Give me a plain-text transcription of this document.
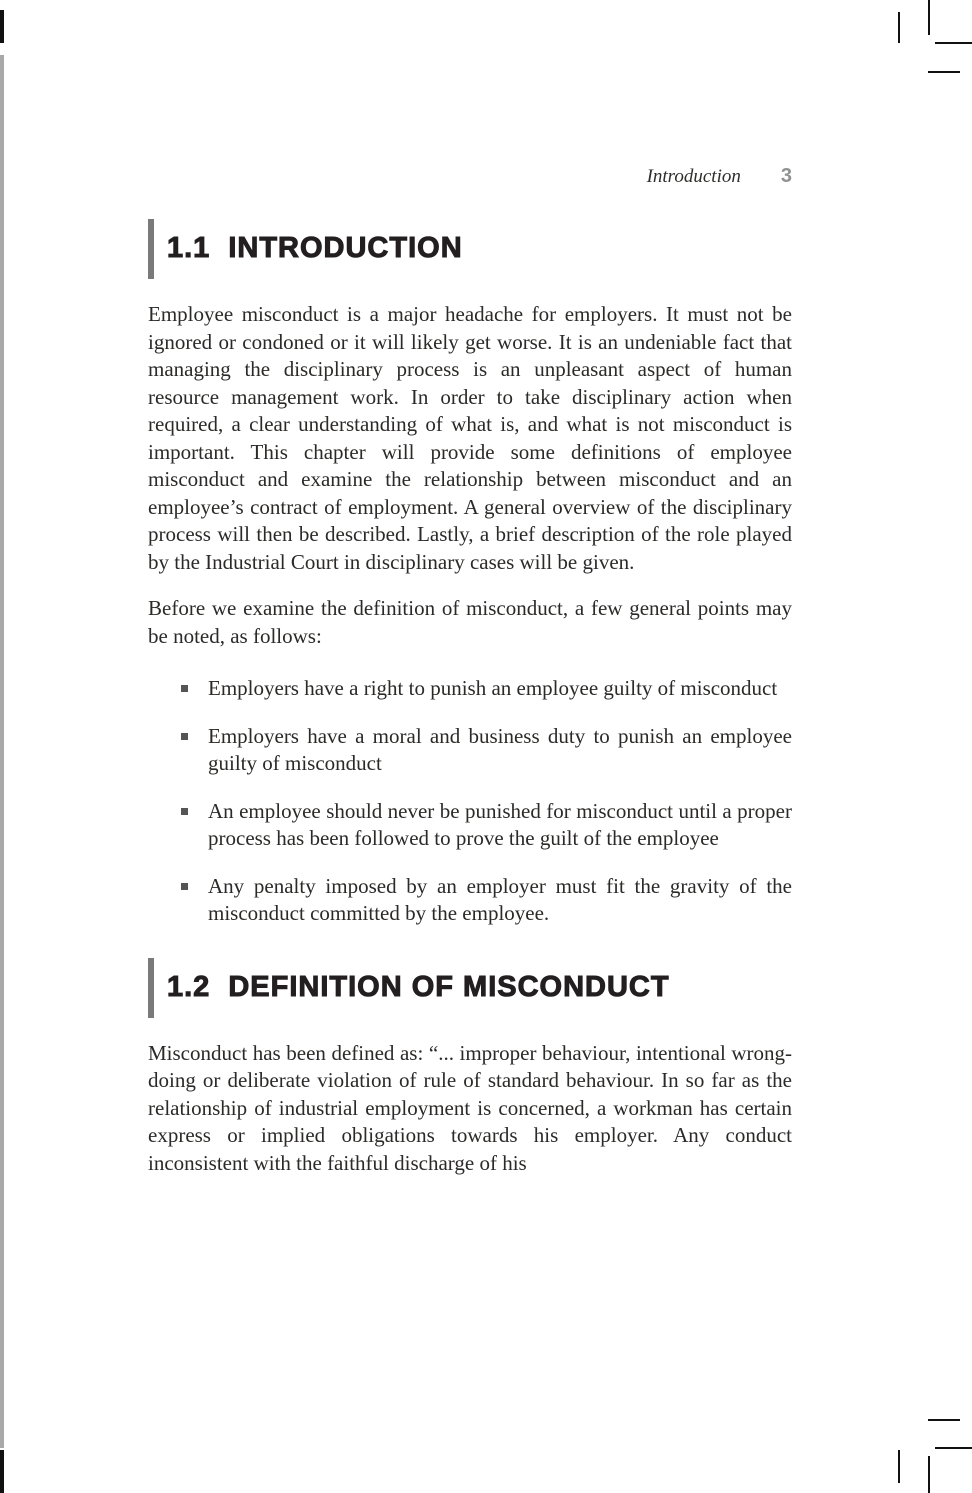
Introduction 3
1.1 INTRODUCTION

Employee misconduct is a major headache for employers. It must not be ignored or condoned or it will likely get worse. It is an undeniable fact that managing the disciplinary process is an unpleasant aspect of human resource management work. In order to take disciplinary action when required, a clear understanding of what is, and what is not misconduct is important. This chapter will provide some definitions of employee misconduct and examine the relationship between misconduct and an employee’s contract of employment. A general overview of the disciplinary process will then be described. Lastly, a brief description of the role played by the Industrial Court in disciplinary cases will be given.

Before we examine the definition of misconduct, a few general points may be noted, as follows:

Employers have a right to punish an employee guilty of misconduct
Employers have a moral and business duty to punish an employee guilty of misconduct
An employee should never be punished for misconduct until a proper process has been followed to prove the guilt of the employee
Any penalty imposed by an employer must fit the gravity of the misconduct committed by the employee.
1.2 DEFINITION OF MISCONDUCT

Misconduct has been defined as: “... improper behaviour, intentional wrong-doing or deliberate violation of rule of standard behaviour. In so far as the relationship of industrial employment is concerned, a workman has certain express or implied obligations towards his employer. Any conduct inconsistent with the faithful discharge of his
